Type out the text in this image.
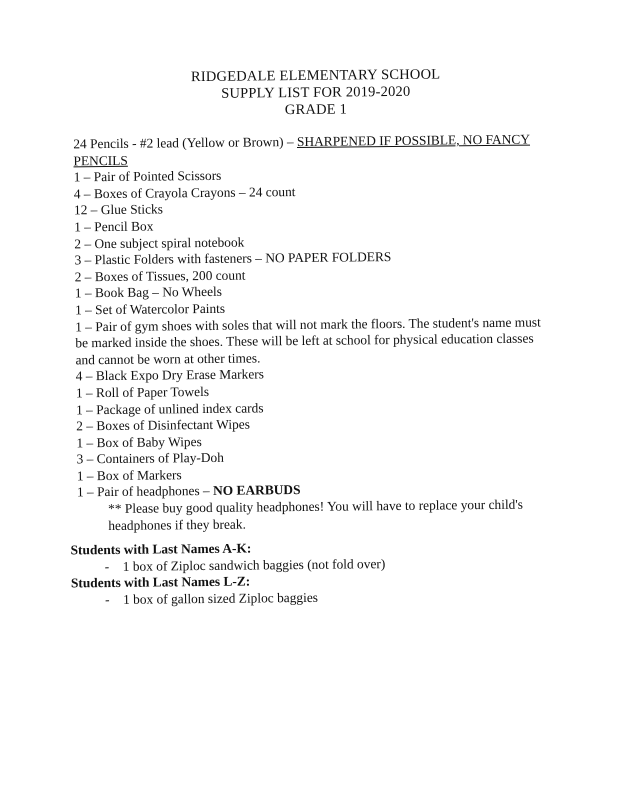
RIDGEDALE ELEMENTARY SCHOOL
SUPPLY LIST FOR 2019-2020
GRADE 1
24 Pencils - #2 lead (Yellow or Brown) – SHARPENED IF POSSIBLE, NO FANCY PENCILS
1 – Pair of Pointed Scissors
4 – Boxes of Crayola Crayons – 24 count
12 – Glue Sticks
1 – Pencil Box
2 – One subject spiral notebook
3 – Plastic Folders with fasteners – NO PAPER FOLDERS
2 – Boxes of Tissues, 200 count
1 – Book Bag – No Wheels
1 – Set of Watercolor Paints
1 – Pair of gym shoes with soles that will not mark the floors. The student's name must be marked inside the shoes. These will be left at school for physical education classes and cannot be worn at other times.
4 – Black Expo Dry Erase Markers
1 – Roll of Paper Towels
1 – Package of unlined index cards
2 – Boxes of Disinfectant Wipes
1 – Box of Baby Wipes
3 – Containers of Play-Doh
1 – Box of Markers
1 – Pair of headphones – NO EARBUDS
** Please buy good quality headphones! You will have to replace your child's headphones if they break.
Students with Last Names A-K:
- 1 box of Ziploc sandwich baggies (not fold over)
Students with Last Names L-Z:
- 1 box of gallon sized Ziploc baggies
